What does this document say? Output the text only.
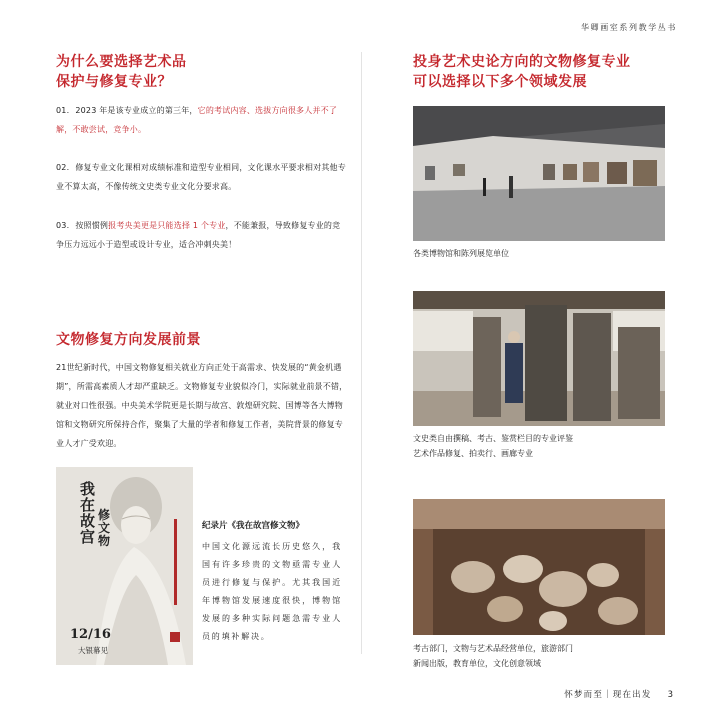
华卿画室系列教学丛书
为什么要选择艺术品
保护与修复专业？
01. 2023 年是该专业成立的第三年，它的考试内容、选拔方向很多人并不了解，不敢尝试，竞争小。
02. 修复专业文化课相对成绩标准和造型专业相同，文化课水平要求相对其他专业不算太高，不像传统文史类专业文化分要求高。
03. 按照惯例报考央美更是只能选择 1 个专业，不能兼报，导致修复专业的竞争压力远远小于造型或设计专业，适合冲刺央美！
文物修复方向发展前景
21世纪新时代，中国文物修复相关就业方向正处于高需求、快发展的“黄金机遇期”，所需高素质人才却严重缺乏。文物修复专业貌似冷门，实际就业前景不错，就业对口性很强。中央美术学院更是长期与故宫、敦煌研究院、国博等各大博物馆和文物研究所保持合作，聚集了大量的学者和修复工作者，美院背景的修复专业人才广受欢迎。
我
在
故
宫
修
文
物
12/16
大银幕见
纪录片《我在故宫修文物》
中国文化源远流长历史悠久，我国有许多珍贵的文物亟需专业人员进行修复与保护。尤其我国近年博物馆发展速度很快，博物馆发展的多种实际问题急需专业人员的填补解决。
投身艺术史论方向的文物修复专业
可以选择以下多个领域发展
各类博物馆和陈列展览单位
文史类自由撰稿、考古、鉴赏栏目的专业评鉴
艺术作品修复、拍卖行、画廊专业
考古部门，文物与艺术品经营单位，旅游部门
新闻出版，教育单位，文化创意领域
怀梦而至｜现在出发 3
